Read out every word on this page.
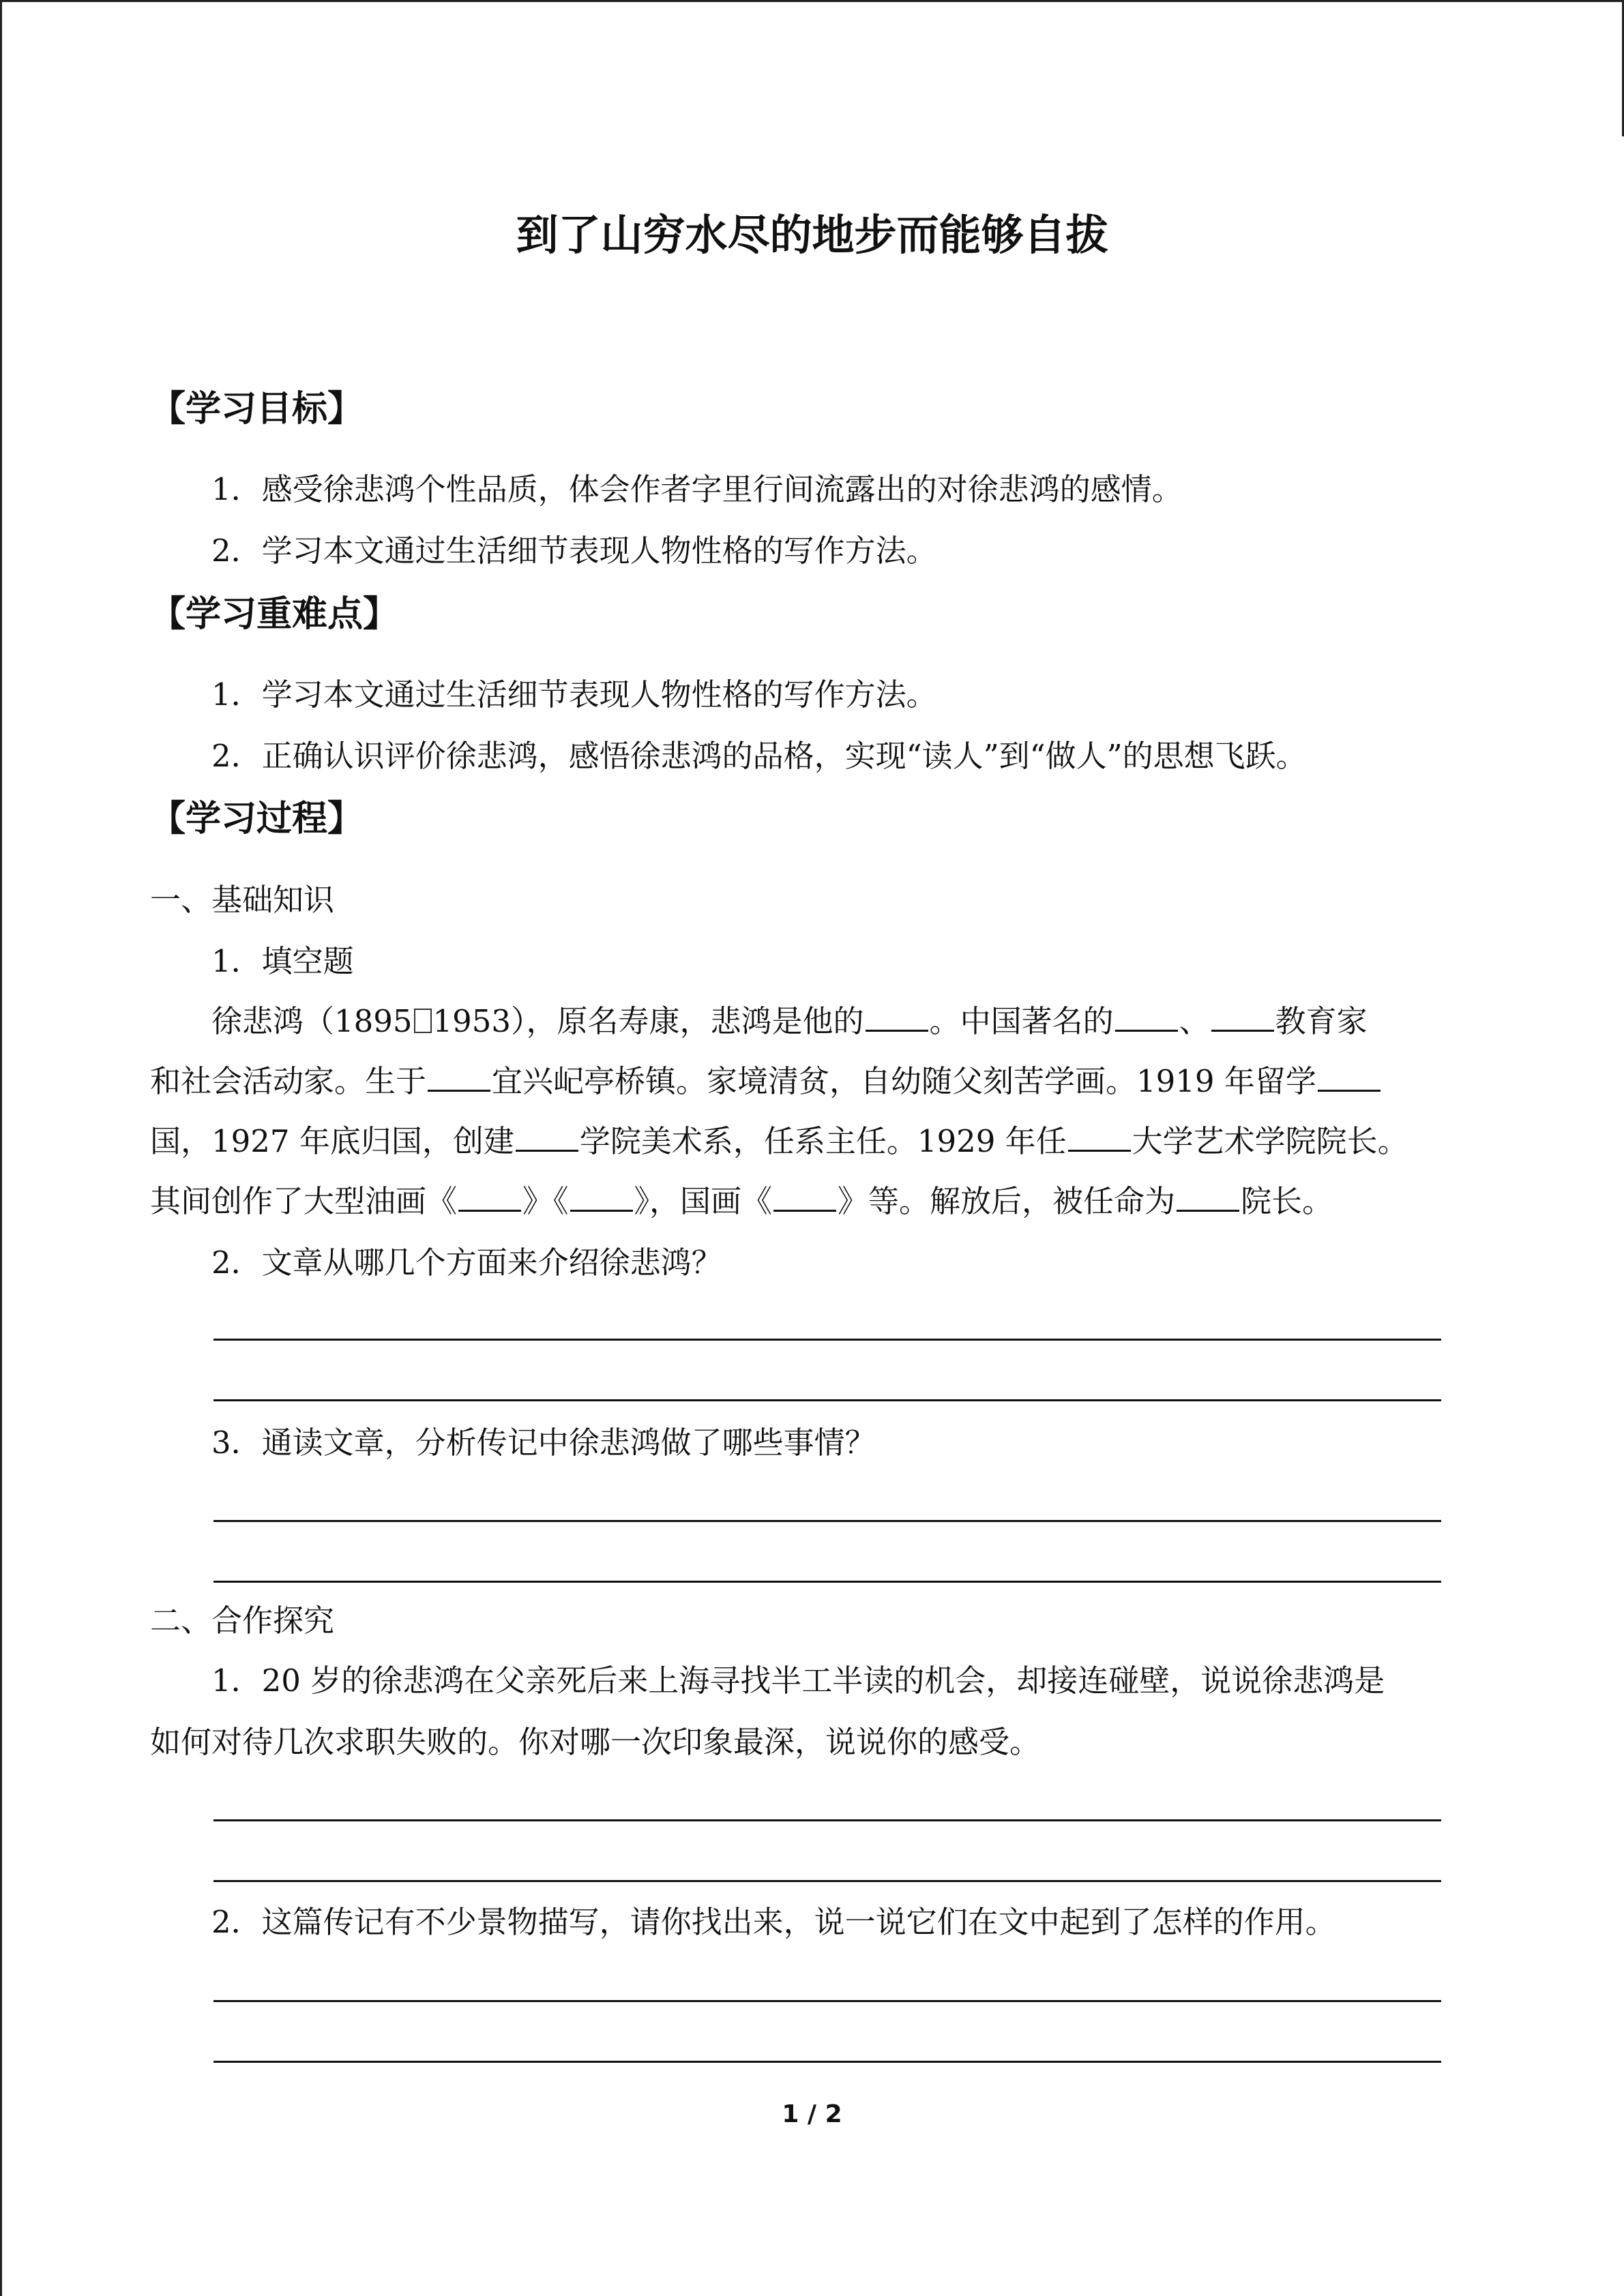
到了山穷水尽的地步而能够自拔
【学习目标】
1．感受徐悲鸿个性品质，体会作者字里行间流露出的对徐悲鸿的感情。
2．学习本文通过生活细节表现人物性格的写作方法。
【学习重难点】
1．学习本文通过生活细节表现人物性格的写作方法。
2．正确认识评价徐悲鸿，感悟徐悲鸿的品格，实现“读人”到“做人”的思想飞跃。
【学习过程】
一、基础知识
1．填空题
徐悲鸿（1895 1953），原名寿康，悲鸿是他的 。中国著名的 、 教育家
和社会活动家。生于 宜兴屺亭桥镇。家境清贫，自幼随父刻苦学画。1919 年留学
国，1927 年底归国，创建 学院美术系，任系主任。1929 年任 大学艺术学院院长。
其间创作了大型油画《 》《 》，国画《 》等。解放后，被任命为 院长。
2．文章从哪几个方面来介绍徐悲鸿？
3．通读文章，分析传记中徐悲鸿做了哪些事情？
二、合作探究
1．20 岁的徐悲鸿在父亲死后来上海寻找半工半读的机会，却接连碰壁，说说徐悲鸿是
如何对待几次求职失败的。你对哪一次印象最深，说说你的感受。
2．这篇传记有不少景物描写，请你找出来，说一说它们在文中起到了怎样的作用。
1 / 2
